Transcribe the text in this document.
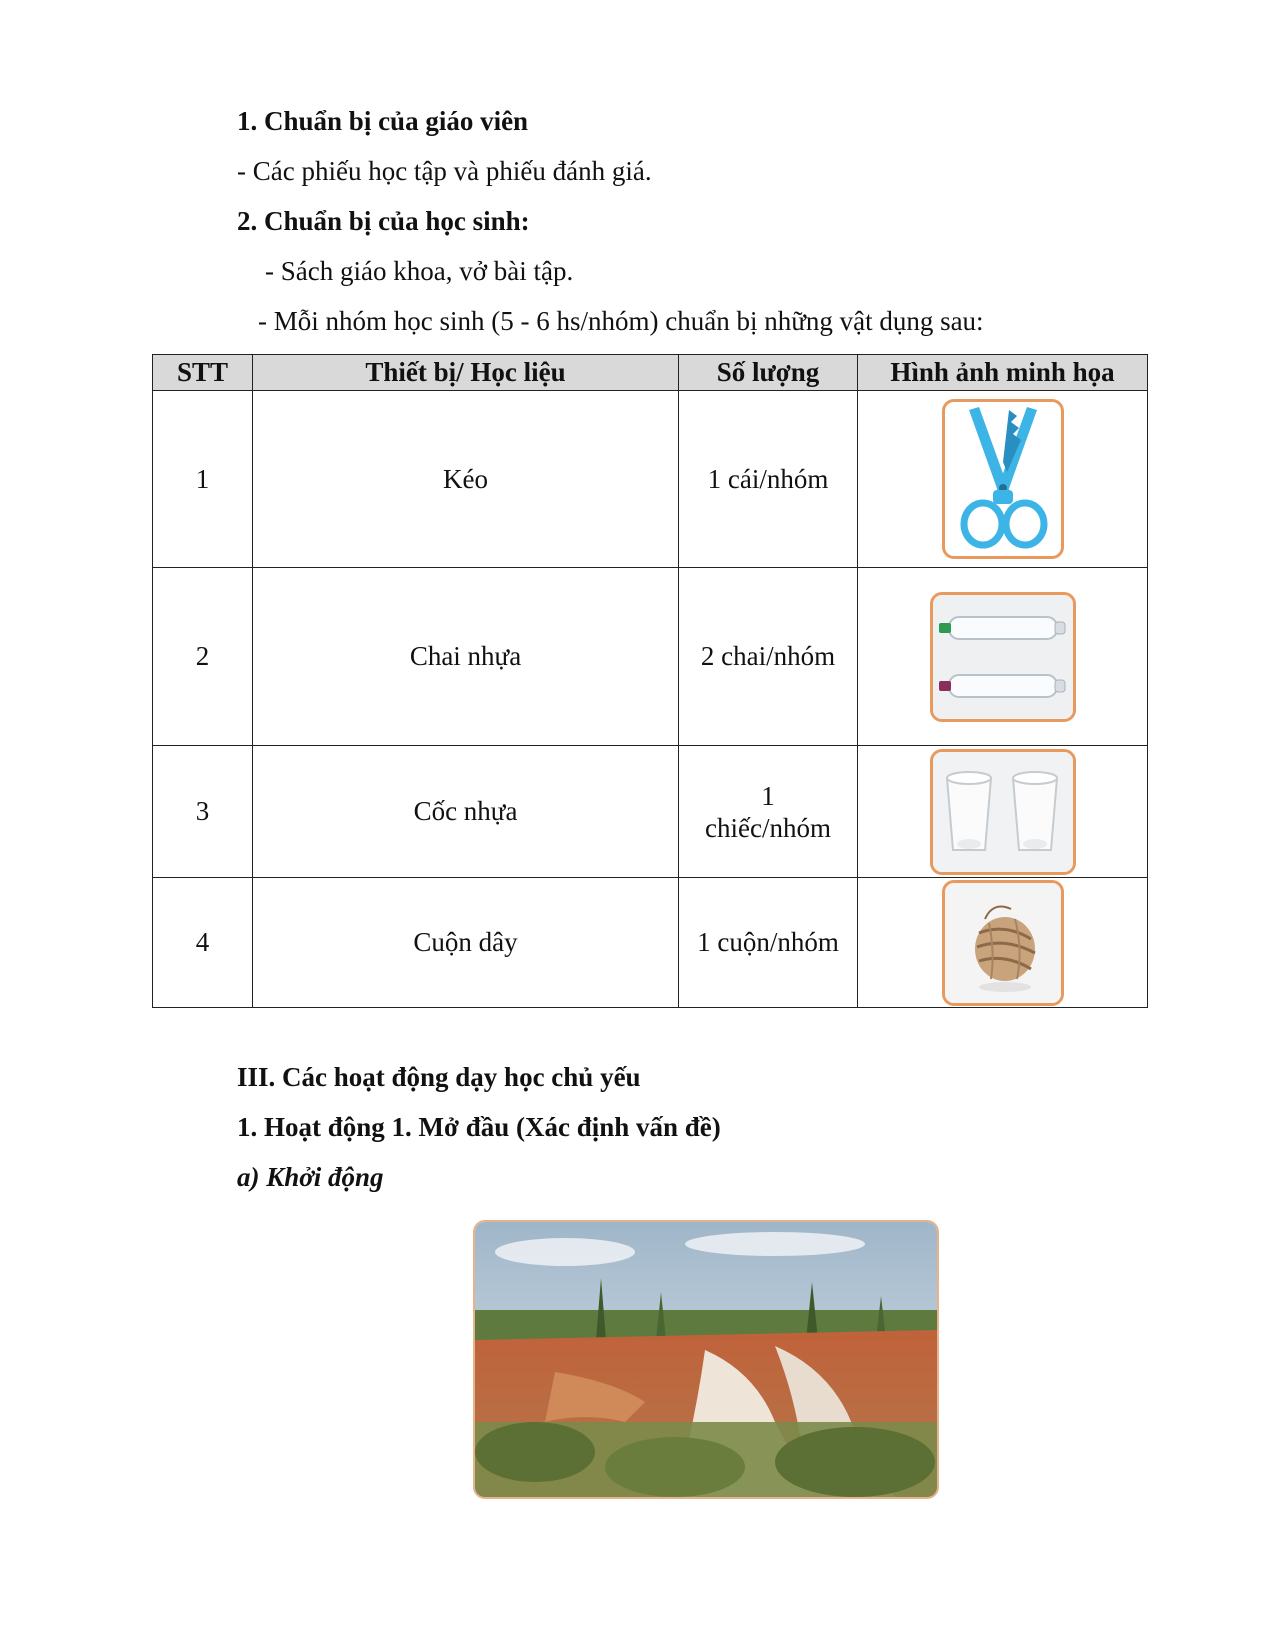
1. Chuẩn bị của giáo viên
- Các phiếu học tập và phiếu đánh giá.
2. Chuẩn bị của học sinh:
- Sách giáo khoa, vở bài tập.
- Mỗi nhóm học sinh (5 - 6 hs/nhóm) chuẩn bị những vật dụng sau:
STT	Thiết bị/ Học liệu	Số lượng	Hình ảnh minh họa
1	Kéo	1 cái/nhóm	

2	Chai nhựa	2 chai/nhóm	

3	Cốc nhựa	1
chiếc/nhóm

4	Cuộn dây	1 cuộn/nhóm	
III. Các hoạt động dạy học chủ yếu
1. Hoạt động 1. Mở đầu (Xác định vấn đề)
a) Khởi động
